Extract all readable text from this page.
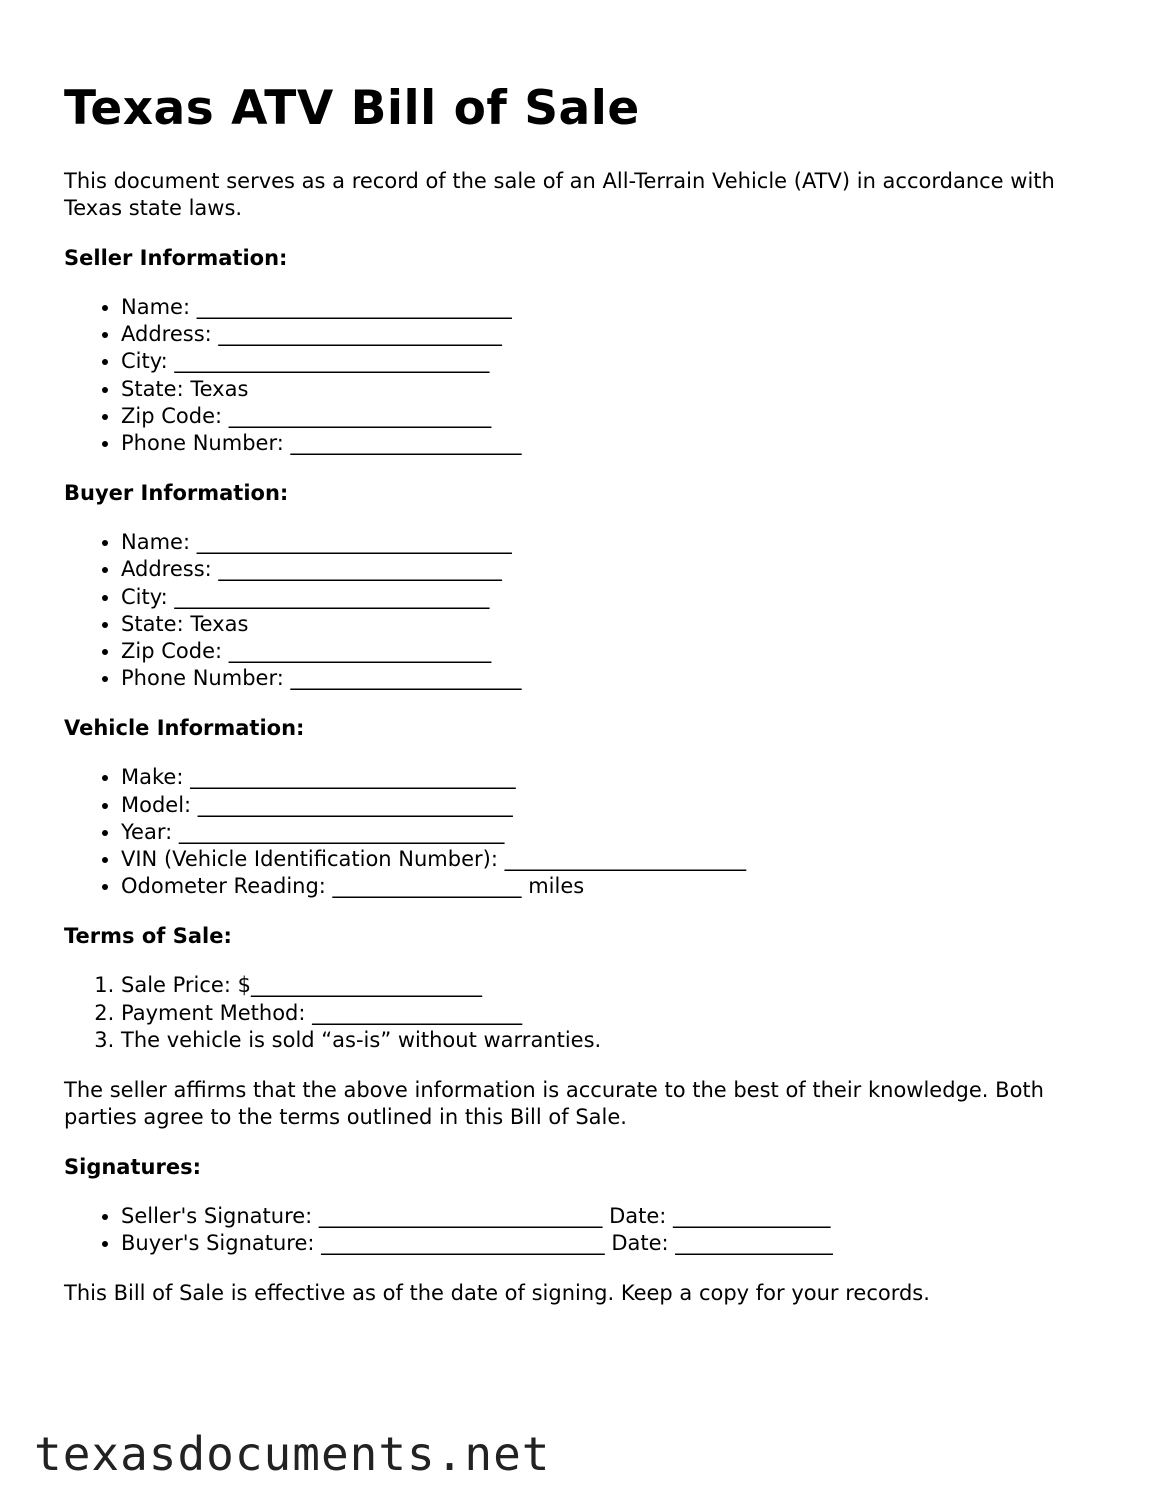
Texas ATV Bill of Sale

This document serves as a record of the sale of an All-Terrain Vehicle (ATV) in accordance with Texas state laws.

Seller Information:
• Name: ______________________________
• Address: ___________________________
• City: ______________________________
• State: Texas
• Zip Code: _________________________
• Phone Number: ______________________
Buyer Information:
• Name: ______________________________
• Address: ___________________________
• City: ______________________________
• State: Texas
• Zip Code: _________________________
• Phone Number: ______________________
Vehicle Information:
• Make: _______________________________
• Model: ______________________________
• Year: _______________________________
• VIN (Vehicle Identification Number): _______________________
• Odometer Reading: __________________ miles
Terms of Sale:
1. Sale Price: $______________________
2. Payment Method: ____________________
3. The vehicle is sold “as-is” without warranties.

The seller affirms that the above information is accurate to the best of their knowledge. Both parties agree to the terms outlined in this Bill of Sale.

Signatures:
• Seller's Signature: ___________________________ Date: _______________
• Buyer's Signature: ___________________________ Date: _______________

This Bill of Sale is effective as of the date of signing. Keep a copy for your records.

texasdocuments.net
